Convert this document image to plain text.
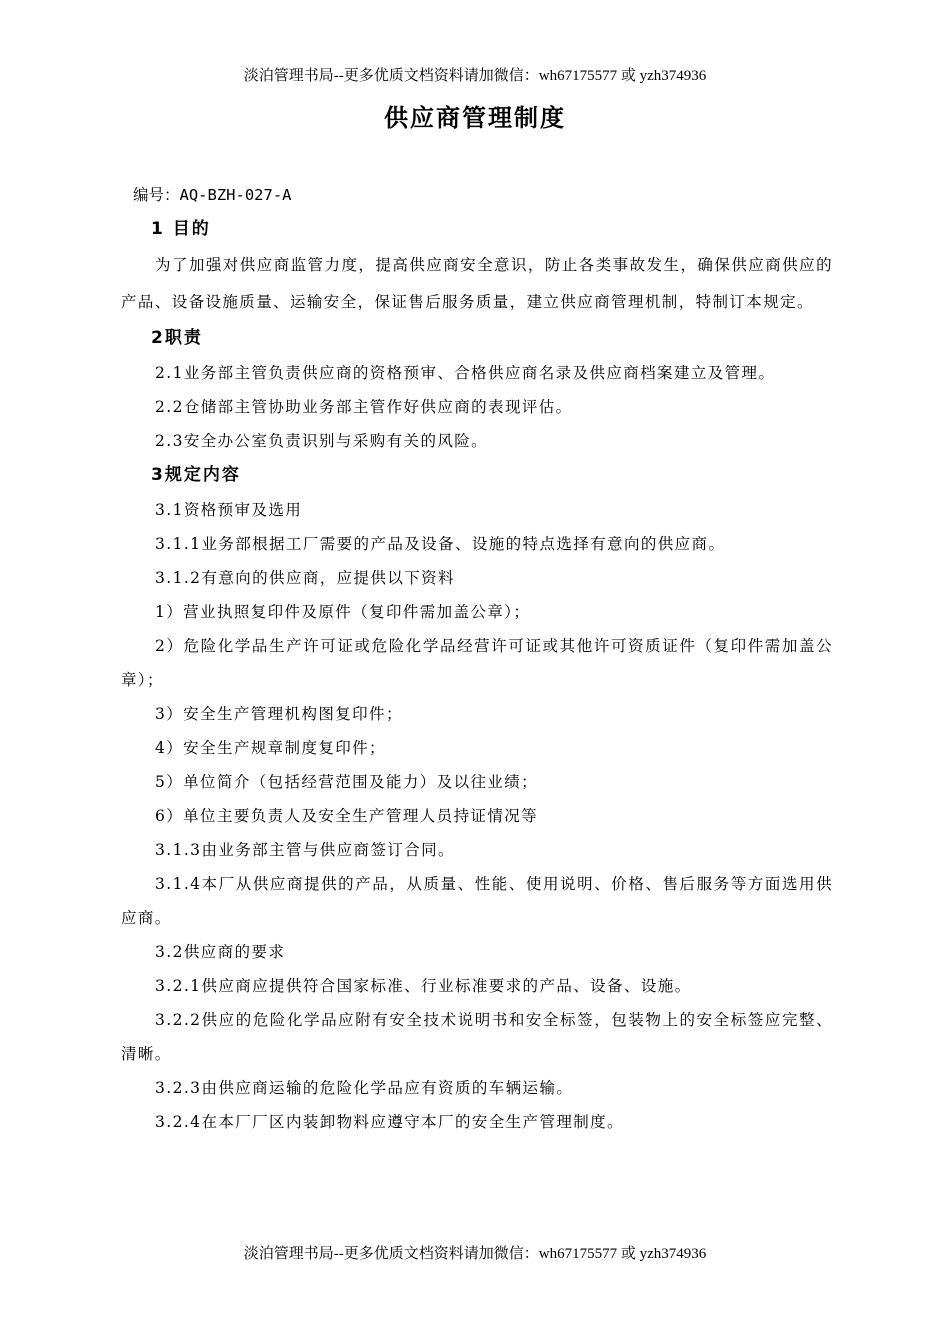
淡泊管理书局--更多优质文档资料请加微信：wh67175577 或 yzh374936
供应商管理制度
编号：AQ-BZH-027-A
1 目的

为了加强对供应商监管力度，提高供应商安全意识，防止各类事故发生，确保供应商供应的产品、设备设施质量、运输安全，保证售后服务质量，建立供应商管理机制，特制订本规定。

2职责

2.1业务部主管负责供应商的资格预审、合格供应商名录及供应商档案建立及管理。

2.2仓储部主管协助业务部主管作好供应商的表现评估。

2.3安全办公室负责识别与采购有关的风险。

3规定内容

3.1资格预审及选用

3.1.1业务部根据工厂需要的产品及设备、设施的特点选择有意向的供应商。

3.1.2有意向的供应商，应提供以下资料

1）营业执照复印件及原件（复印件需加盖公章）；

2）危险化学品生产许可证或危险化学品经营许可证或其他许可资质证件（复印件需加盖公章）；

3）安全生产管理机构图复印件；

4）安全生产规章制度复印件；

5）单位简介（包括经营范围及能力）及以往业绩；

6）单位主要负责人及安全生产管理人员持证情况等

3.1.3由业务部主管与供应商签订合同。

3.1.4本厂从供应商提供的产品，从质量、性能、使用说明、价格、售后服务等方面选用供应商。

3.2供应商的要求

3.2.1供应商应提供符合国家标准、行业标准要求的产品、设备、设施。

3.2.2供应的危险化学品应附有安全技术说明书和安全标签，包装物上的安全标签应完整、清晰。

3.2.3由供应商运输的危险化学品应有资质的车辆运输。

3.2.4在本厂厂区内装卸物料应遵守本厂的安全生产管理制度。

淡泊管理书局--更多优质文档资料请加微信：wh67175577 或 yzh374936
